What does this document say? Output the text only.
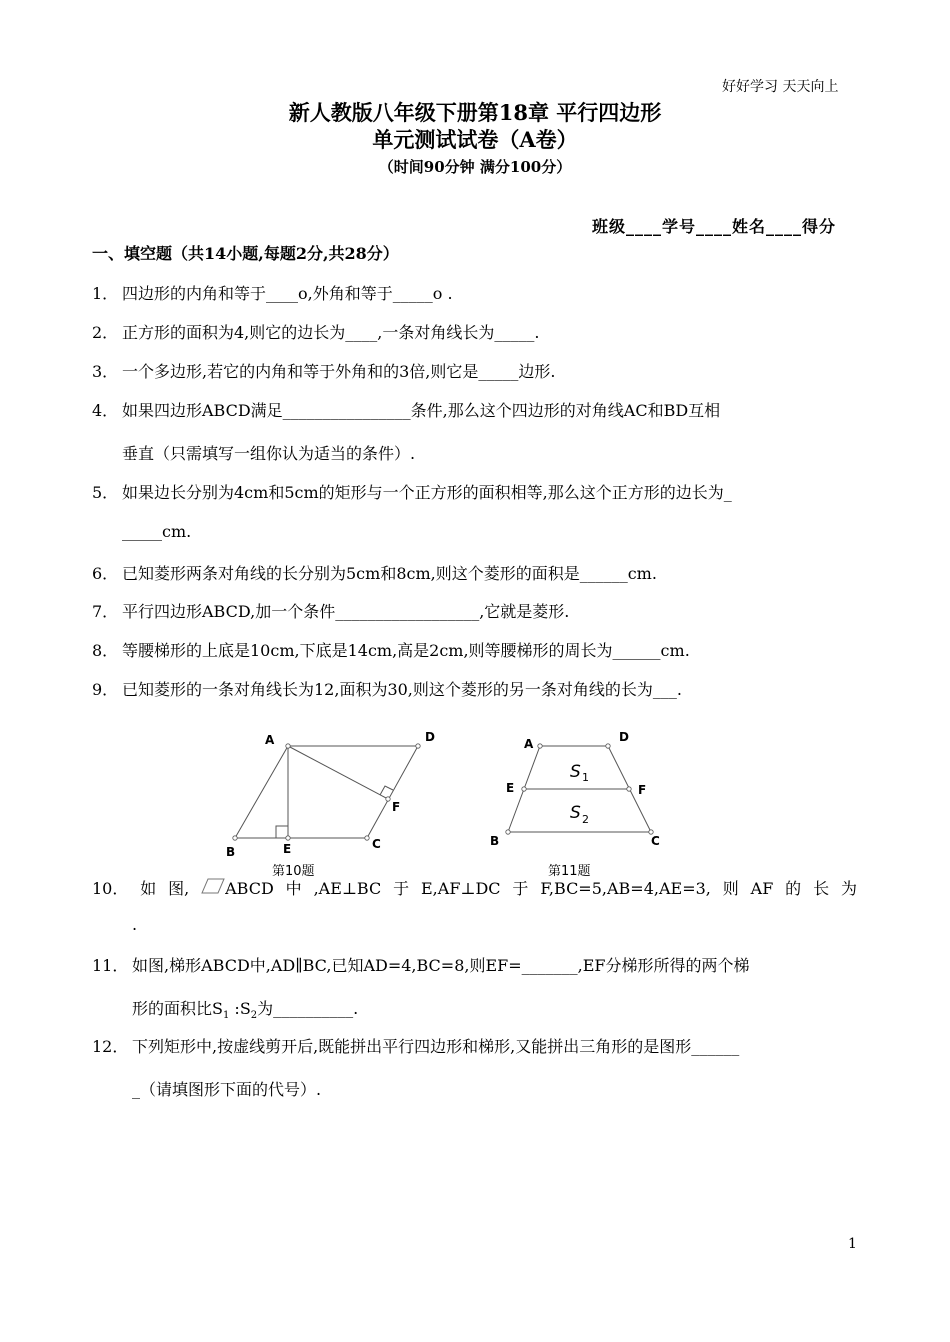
好好学习 天天向上
新人教版八年级下册第18章 平行四边形
单元测试试卷（A卷）
（时间90分钟 满分100分）
班级____学号____姓名____得分
一、填空题（共14小题,每题2分,共28分）
1． 四边形的内角和等于____o,外角和等于_____o .
2． 正方形的面积为4,则它的边长为____,一条对角线长为_____.
3． 一个多边形,若它的内角和等于外角和的3倍,则它是_____边形.
4． 如果四边形ABCD满足________________条件,那么这个四边形的对角线AC和BD互相
垂直（只需填写一组你认为适当的条件）.
5． 如果边长分别为4cm和5cm的矩形与一个正方形的面积相等,那么这个正方形的边长为_
_____cm.
6． 已知菱形两条对角线的长分别为5cm和8cm,则这个菱形的面积是______cm.
7． 平行四边形ABCD,加一个条件__________________,它就是菱形.
8． 等腰梯形的上底是10cm,下底是14cm,高是2cm,则等腰梯形的周长为______cm.
9． 已知菱形的一条对角线长为12,面积为30,则这个菱形的另一条对角线的长为___.
A	D
F
B	E	C
第10题
A	D
E	F
B	C
S 1
S 2
第11题
10． 如 图, ABCD 中 ,AE⊥BC 于 E,AF⊥DC 于 F,BC=5,AB=4,AE=3, 则 AF 的 长 为
.
11． 如图,梯形ABCD中,AD∥BC,已知AD=4,BC=8,则EF=_______,EF分梯形所得的两个梯
形的面积比$S_1$ $:S_2$为__________.
12． 下列矩形中,按虚线剪开后,既能拼出平行四边形和梯形,又能拼出三角形的是图形______
_（请填图形下面的代号）.
1
